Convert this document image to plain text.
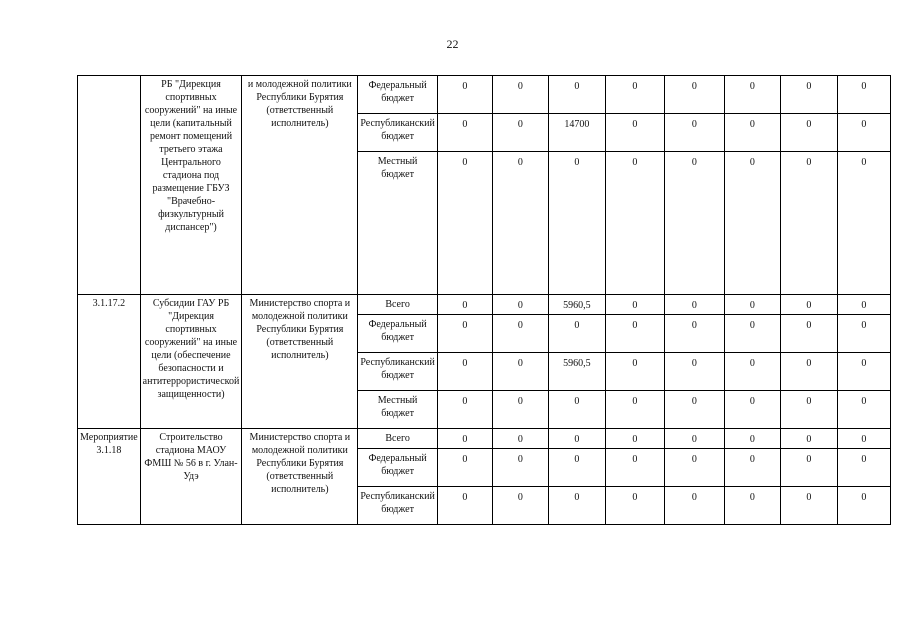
22
	РБ "Дирекция спортивных сооружений" на иные цели (капитальный ремонт помещений третьего этажа Центрального стадиона под размещение ГБУЗ "Врачебно-физкультурный диспансер")	и молодежной политики Республики Бурятия (ответственный исполнитель)	Федеральный бюджет	0	0	0	0	0	0	0	0
			Республиканский бюджет	0	0	14700	0	0	0	0	0
			Местный бюджет	0	0	0	0	0	0	0	0
3.1.17.2	Субсидии ГАУ РБ "Дирекция спортивных сооружений" на иные цели (обеспечение безопасности и антитеррористической защищенности)	Министерство спорта и молодежной политики Республики Бурятия (ответственный исполнитель)	Всего	0	0	5960,5	0	0	0	0	0
			Федеральный бюджет	0	0	0	0	0	0	0	0
			Республиканский бюджет	0	0	5960,5	0	0	0	0	0
			Местный бюджет	0	0	0	0	0	0	0	0
Мероприятие 3.1.18	Строительство стадиона МАОУ ФМШ № 56 в г. Улан-Удэ	Министерство спорта и молодежной политики Республики Бурятия (ответственный исполнитель)	Всего	0	0	0	0	0	0	0	0
			Федеральный бюджет	0	0	0	0	0	0	0	0
			Республиканский бюджет	0	0	0	0	0	0	0	0
